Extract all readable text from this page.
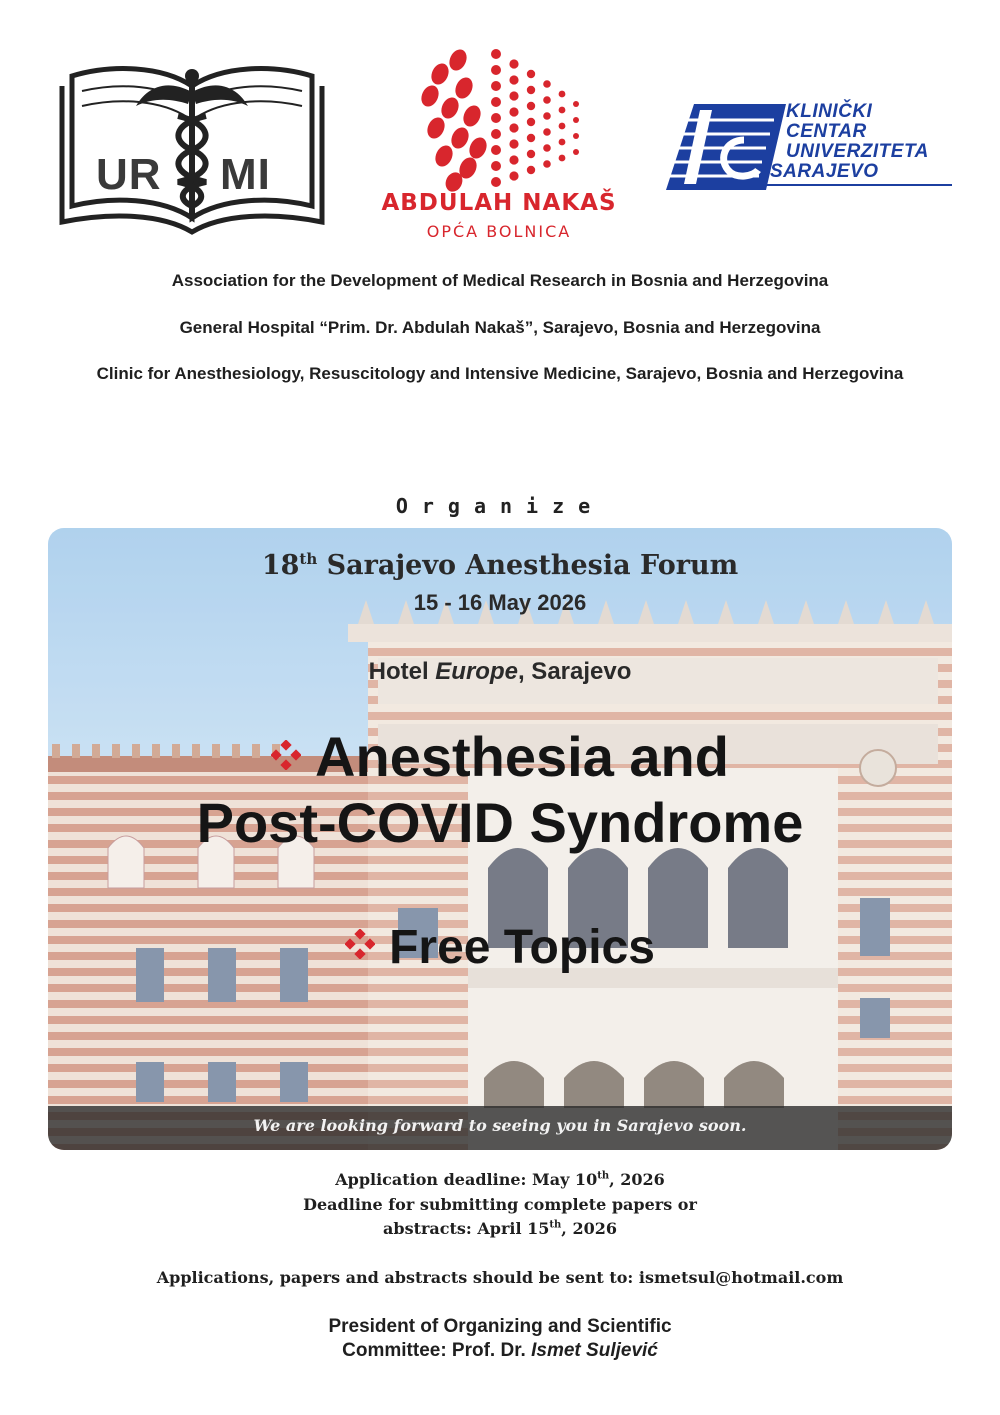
UR MI
ABDULAH NAKAŠ
OPĆA BOLNICA
KLINIČKI
CENTAR
UNIVERZITETA
SARAJEVO
Association for the Development of Medical Research in Bosnia and Herzegovina
General Hospital “Prim. Dr. Abdulah Nakaš”, Sarajevo, Bosnia and Herzegovina
Clinic for Anesthesiology, Resuscitology and Intensive Medicine, Sarajevo, Bosnia and Herzegovina
Organize
18th Sarajevo Anesthesia Forum
15 - 16 May 2026
Hotel Europe, Sarajevo
Anesthesia and
Post-COVID Syndrome
Free Topics
We are looking forward to seeing you in Sarajevo soon.
Application deadline: May 10th, 2026
Deadline for submitting complete papers or
abstracts: April 15th, 2026
Applications, papers and abstracts should be sent to: ismetsul@hotmail.com
President of Organizing and Scientific
Committee: Prof. Dr. Ismet Suljević
